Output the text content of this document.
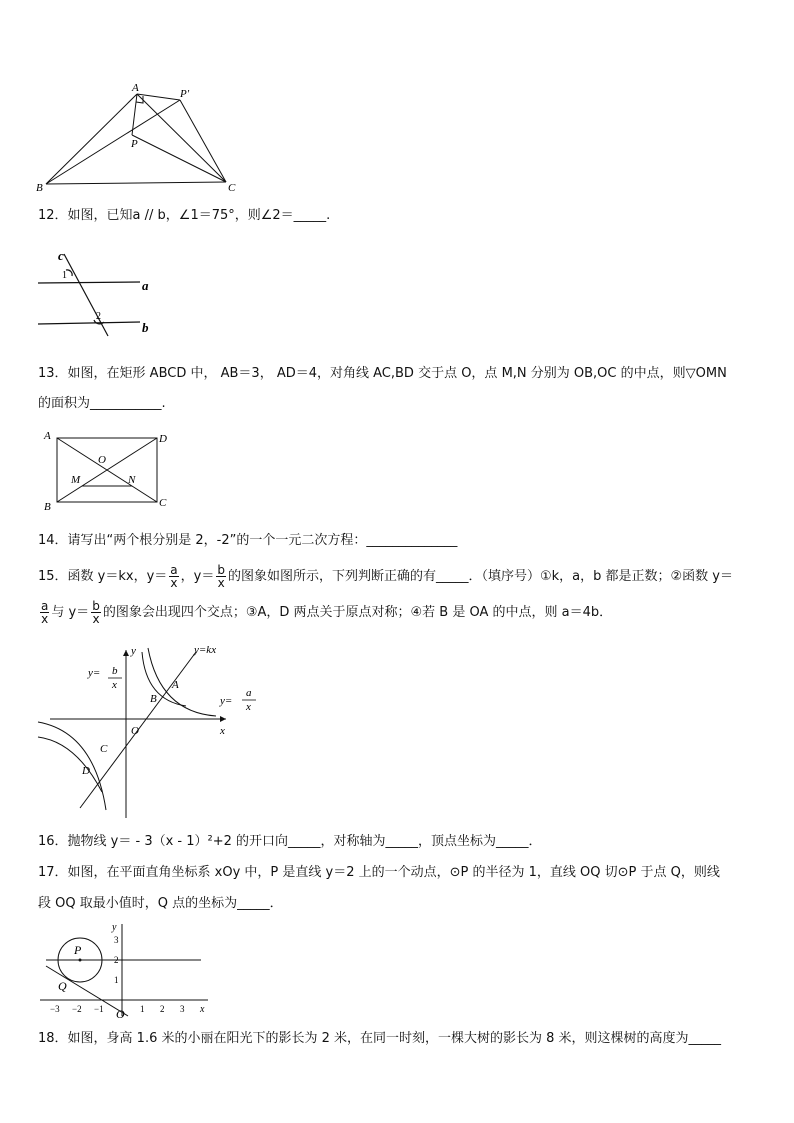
A	P'
P
B	C
12．如图，已知a // b，∠1＝75°，则∠2＝_____.
c
a
b
1
2
13．如图，在矩形 ABCD 中， AB＝3， AD＝4，对角线 AC,BD 交于点 O，点 M,N 分别为 OB,OC 的中点，则▽OMN
的面积为___________.
A	D
O
M	N
B	C
14．请写出“两个根分别是 2，-2”的一个一元二次方程：______________
15．函数 y＝kx，$y= \frac{a}{x}$ ，$y= \frac{b}{x}$ 的图象如图所示，下列判断正确的有_____．（填序号）①k，a，b 都是正数；②函数 y＝
$\frac{a}{x}$ 与 $y= \frac{b}{x}$ 的图象会出现四个交点；③A，D 两点关于原点对称；④若 B 是 OA 的中点，则 a＝4b．
y	y=kx
y=
A
B	y=
O	x
C
D
b
x
a
x
16．抛物线 y＝ - 3（x - 1）²+2 的开口向_____，对称轴为_____，顶点坐标为_____．
17．如图，在平面直角坐标系 xOy 中，P 是直线 y＝2 上的一个动点，⊙P 的半径为 1，直线 OQ 切⊙P 于点 Q，则线
段 OQ 取最小值时，Q 点的坐标为_____．
y
x
P
Q
O
3
2
1
−3 −2 −1	1 2 3
18．如图，身高 1.6 米的小丽在阳光下的影长为 2 米，在同一时刻，一棵大树的影长为 8 米，则这棵树的高度为_____
